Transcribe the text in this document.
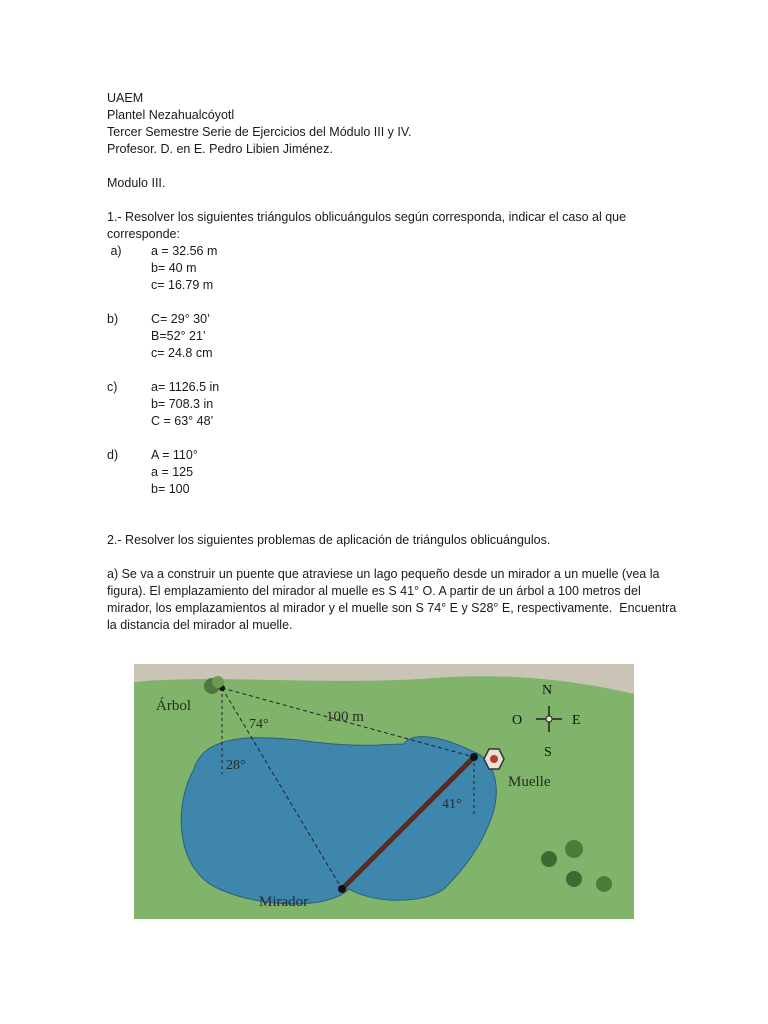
UAEM
Plantel Nezahualcóyotl
Tercer Semestre Serie de Ejercicios del Módulo III y IV.
Profesor. D. en E. Pedro Libien Jiménez.
Modulo III.
1.- Resolver los siguientes triángulos oblicuángulos según corresponda, indicar el caso al que
corresponde:
a)	a = 32.56 m
b= 40 m
c= 16.79 m
b)	C= 29° 30’
B=52° 21’
c= 24.8 cm
c)	a= 1126.5 in
b= 708.3 in
C = 63° 48’
d)	A = 110°
a = 125
b= 100
2.- Resolver los siguientes problemas de aplicación de triángulos oblicuángulos.
a) Se va a construir un puente que atraviese un lago pequeño desde un mirador a un muelle (vea la
figura). El emplazamiento del mirador al muelle es S 41° O. A partir de un árbol a 100 metros del
mirador, los emplazamientos al mirador y el muelle son S 74° E y S28° E, respectivamente.  Encuentra
la distancia del mirador al muelle.
N
S
E
O
Árbol
100 m
74°
28°
41°
Muelle
Mirador
